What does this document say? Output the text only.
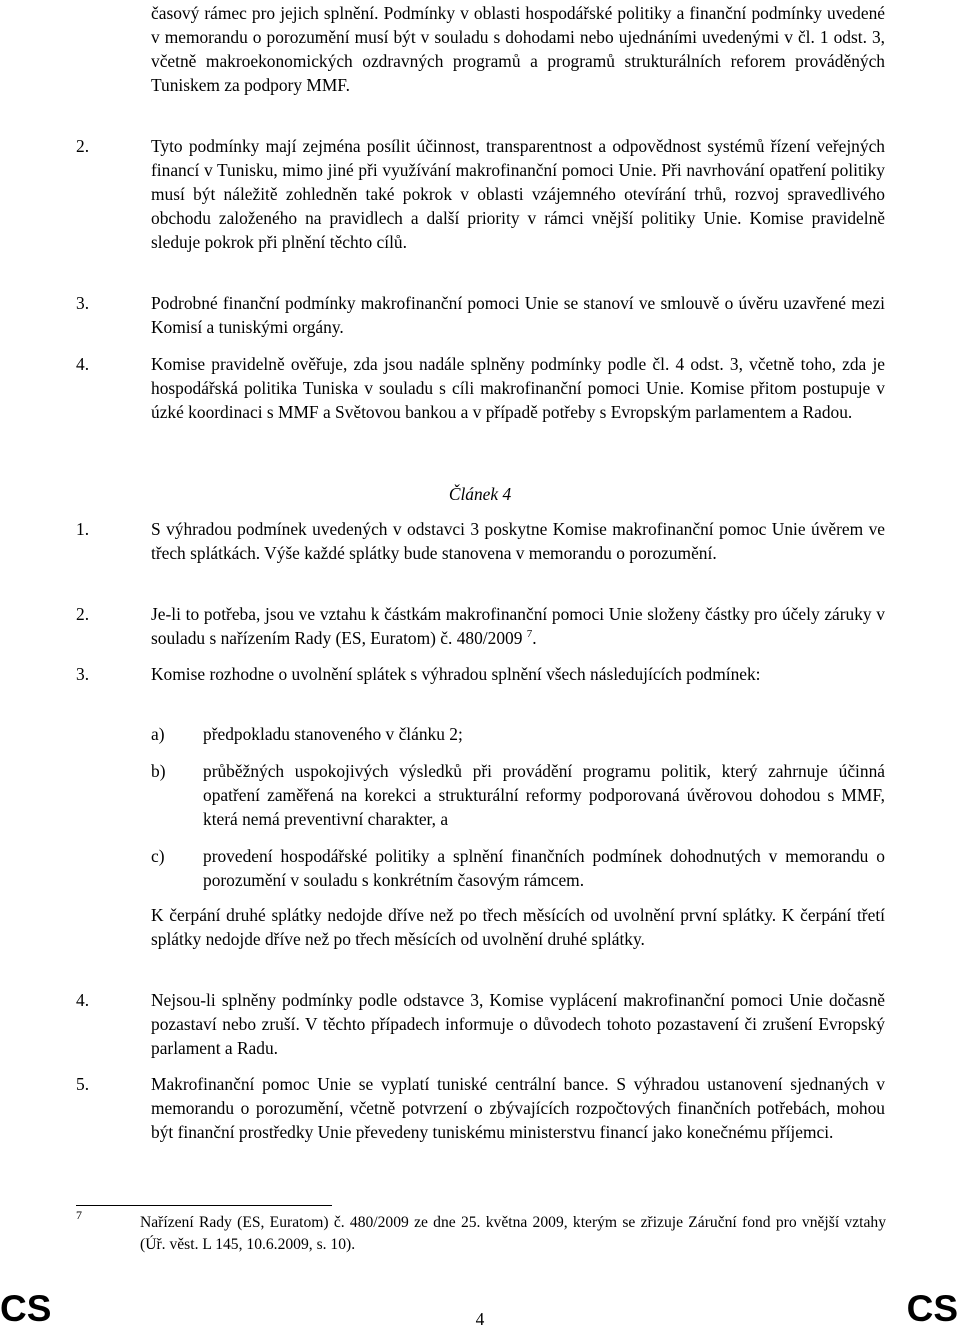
časový rámec pro jejich splnění. Podmínky v oblasti hospodářské politiky a finanční podmínky uvedené v memorandu o porozumění musí být v souladu s dohodami nebo ujednáními uvedenými v čl. 1 odst. 3, včetně makroekonomických ozdravných programů a programů strukturálních reforem prováděných Tuniskem za podpory MMF.
2.	Tyto podmínky mají zejména posílit účinnost, transparentnost a odpovědnost systémů řízení veřejných financí v Tunisku, mimo jiné při využívání makrofinanční pomoci Unie. Při navrhování opatření politiky musí být náležitě zohledněn také pokrok v oblasti vzájemného otevírání trhů, rozvoj spravedlivého obchodu založeného na pravidlech a další priority v rámci vnější politiky Unie. Komise pravidelně sleduje pokrok při plnění těchto cílů.
3.	Podrobné finanční podmínky makrofinanční pomoci Unie se stanoví ve smlouvě o úvěru uzavřené mezi Komisí a tuniskými orgány.
4.	Komise pravidelně ověřuje, zda jsou nadále splněny podmínky podle čl. 4 odst. 3, včetně toho, zda je hospodářská politika Tuniska v souladu s cíli makrofinanční pomoci Unie. Komise přitom postupuje v úzké koordinaci s MMF a Světovou bankou a v případě potřeby s Evropským parlamentem a Radou.
Článek 4
1.	S výhradou podmínek uvedených v odstavci 3 poskytne Komise makrofinanční pomoc Unie úvěrem ve třech splátkách. Výše každé splátky bude stanovena v memorandu o porozumění.
2.	Je-li to potřeba, jsou ve vztahu k částkám makrofinanční pomoci Unie složeny částky pro účely záruky v souladu s nařízením Rady (ES, Euratom) č. 480/2009 $^7$.
3.	Komise rozhodne o uvolnění splátek s výhradou splnění všech následujících podmínek:
a) předpokladu stanoveného v článku 2;
b) průběžných uspokojivých výsledků při provádění programu politik, který zahrnuje účinná opatření zaměřená na korekci a strukturální reformy podporovaná úvěrovou dohodou s MMF, která nemá preventivní charakter, a
c) provedení hospodářské politiky a splnění finančních podmínek dohodnutých v memorandu o porozumění v souladu s konkrétním časovým rámcem.
K čerpání druhé splátky nedojde dříve než po třech měsících od uvolnění první splátky. K čerpání třetí splátky nedojde dříve než po třech měsících od uvolnění druhé splátky.
4.	Nejsou-li splněny podmínky podle odstavce 3, Komise vyplácení makrofinanční pomoci Unie dočasně pozastaví nebo zruší. V těchto případech informuje o důvodech tohoto pozastavení či zrušení Evropský parlament a Radu.
5.	Makrofinanční pomoc Unie se vyplatí tuniské centrální bance. S výhradou ustanovení sjednaných v memorandu o porozumění, včetně potvrzení o zbývajících rozpočtových finančních potřebách, mohou být finanční prostředky Unie převedeny tuniskému ministerstvu financí jako konečnému příjemci.
7	Nařízení Rady (ES, Euratom) č. 480/2009 ze dne 25. května 2009, kterým se zřizuje Záruční fond pro vnější vztahy (Úř. věst. L 145, 10.6.2009, s. 10).
CS	4	CS
